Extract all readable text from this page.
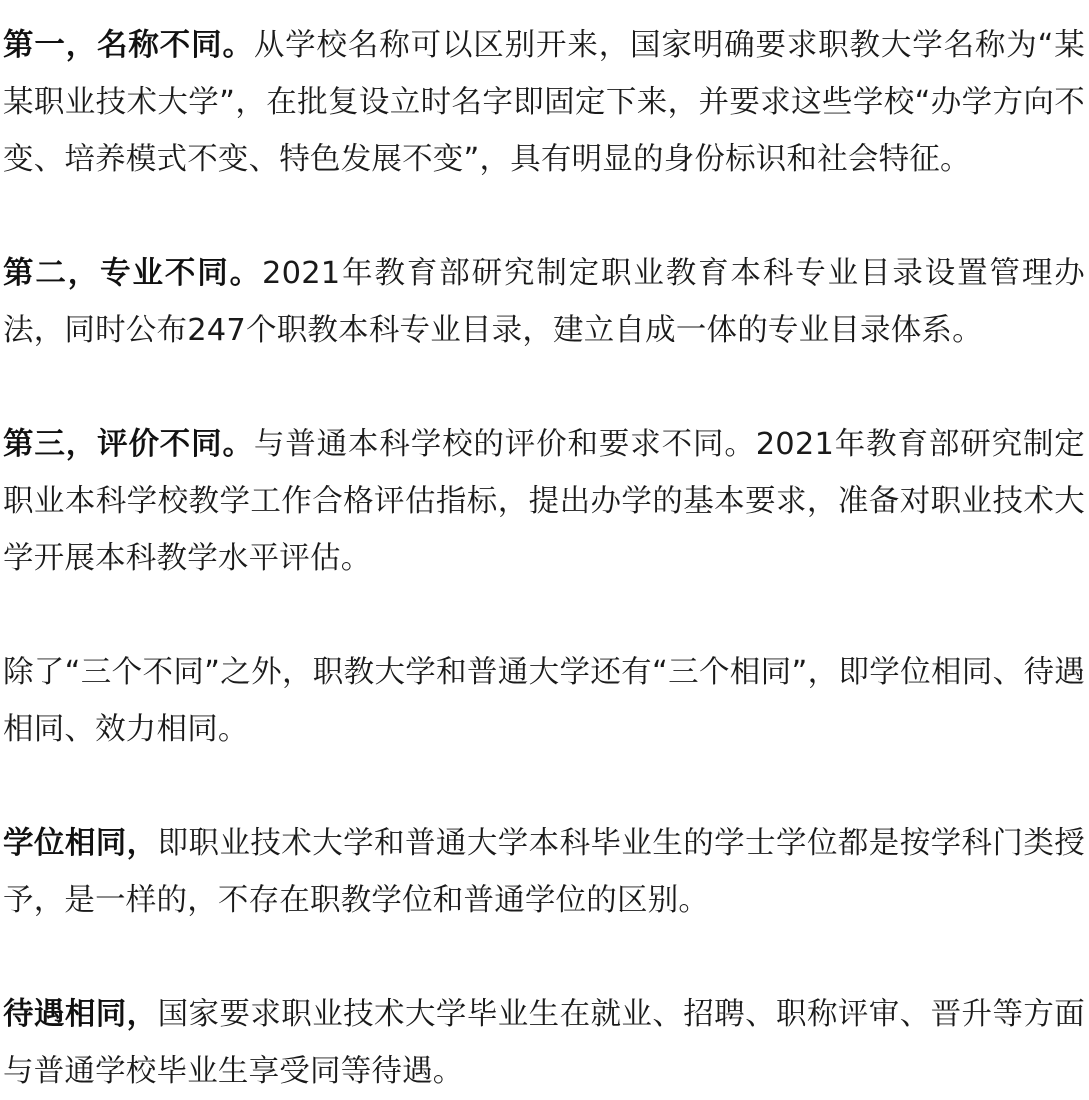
第一，名称不同。从学校名称可以区别开来，国家明确要求职教大学名称为“某某职业技术大学”，在批复设立时名字即固定下来，并要求这些学校“办学方向不变、培养模式不变、特色发展不变”，具有明显的身份标识和社会特征。

第二，专业不同。2021年教育部研究制定职业教育本科专业目录设置管理办法，同时公布247个职教本科专业目录，建立自成一体的专业目录体系。

第三，评价不同。与普通本科学校的评价和要求不同。2021年教育部研究制定职业本科学校教学工作合格评估指标，提出办学的基本要求，准备对职业技术大学开展本科教学水平评估。

除了“三个不同”之外，职教大学和普通大学还有“三个相同”，即学位相同、待遇相同、效力相同。

学位相同，即职业技术大学和普通大学本科毕业生的学士学位都是按学科门类授予，是一样的，不存在职教学位和普通学位的区别。

待遇相同，国家要求职业技术大学毕业生在就业、招聘、职称评审、晋升等方面与普通学校毕业生享受同等待遇。
